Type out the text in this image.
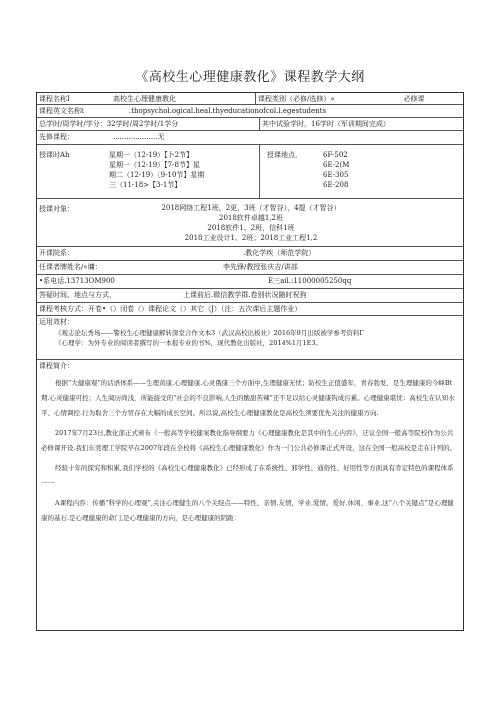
《高校生心理健康教化》课程教学大纲
课程名称I	高校生心理健康教化	课程类别（必修/选修）»	必修课
课程英文名称t	.thopsychol.ogical.heal.thyeducationofcol.l.egestudents
总学时/周学时/学分：32学时/周2学时/1学分	其中试验学时，16学时（军训期间完成）
先修课程：	....................无
授课时Ah	星期一（12-19）【卜2节】
星期一（12-19）【7-8节】星
期二（12-19）〔9-10节】星期
三（11-18>【3-1节】
授课地点，	6F-502
6E-2(M
6E-305
6E-208
授课对象：	2018网络工程1班，2更，3班（才智谷），4提（才智谷）
2018软件卓越1,2班
2018软件1、2班，信科1班
2018工业设计1、2班；2018工业工程1,2
开课院系：	.教化学疾（师范学院）
任课者牌姓名/«墉：	李先锋/教授张庆吉/讲部
•系电话.13713OM900	E三ail.:11000005250qq
答疑时间、地点与方式，	上课前后.微信教学群.卷别状况随时祝狗
课程考核方式：开卷•（）闭卷（）课程论文（）其它（J）（注：五次课后主题作业）
运用效材：

《观志论坛秀场——警校生心理健康解转深堂合作文本3（武汉高校出板社）2016年9月出版被学参考资料Γ

《心理学：为外专业的阅读者撰写的一本报专业的书%，现代教化出版社，2014%1月1E3。

课程简介：

根据“大健康观”的话语体系——生理黄康.心理健康.心灵俄康三个方面中,生理健康无忧；防校生正值盛年，青春勃发，是生理健康的今峰Bt期.心灵健康可控；人生阅历尚浅，所能接受的“社会的不良影响,人生的酸甜苦辣”还不足以给心灵健康钩成污累。心理健康堪忧：高校生在认知水平、心情调控.行为取舍三个方贸存在大幅的成长空间。所以说,高校生心理健康教化是高校生须要优先关注的健康方向.

2017年7月23日,教化部正式颁布《一般高等学校健案教化指导纲要力《心理健康教化是其中的生心内容》，迂议全国一般高等院校作为公共必修课开设.我们东莞理工学院早在2007年段在全校将《高校生心理健康教化》作为一门公共必修课正式开设，这在全国一般高校是走在计列的。

经验十年的探究和积累,我们学校的《高校生心理健康教化》已经形成了在系统性、邪学性、通俗性、好用性等方面具有肯定特色的课程体系一一

A课程内容：传播“科学的心理观”,关注心理健生的八个关绽点——特性、亲情.友情，学业.爱情、爱好.休闲、事业.这“八个关键点”是心理健康的基石.是心理健康的命门,是心理健康的方向，是心理健康的阴跪：
